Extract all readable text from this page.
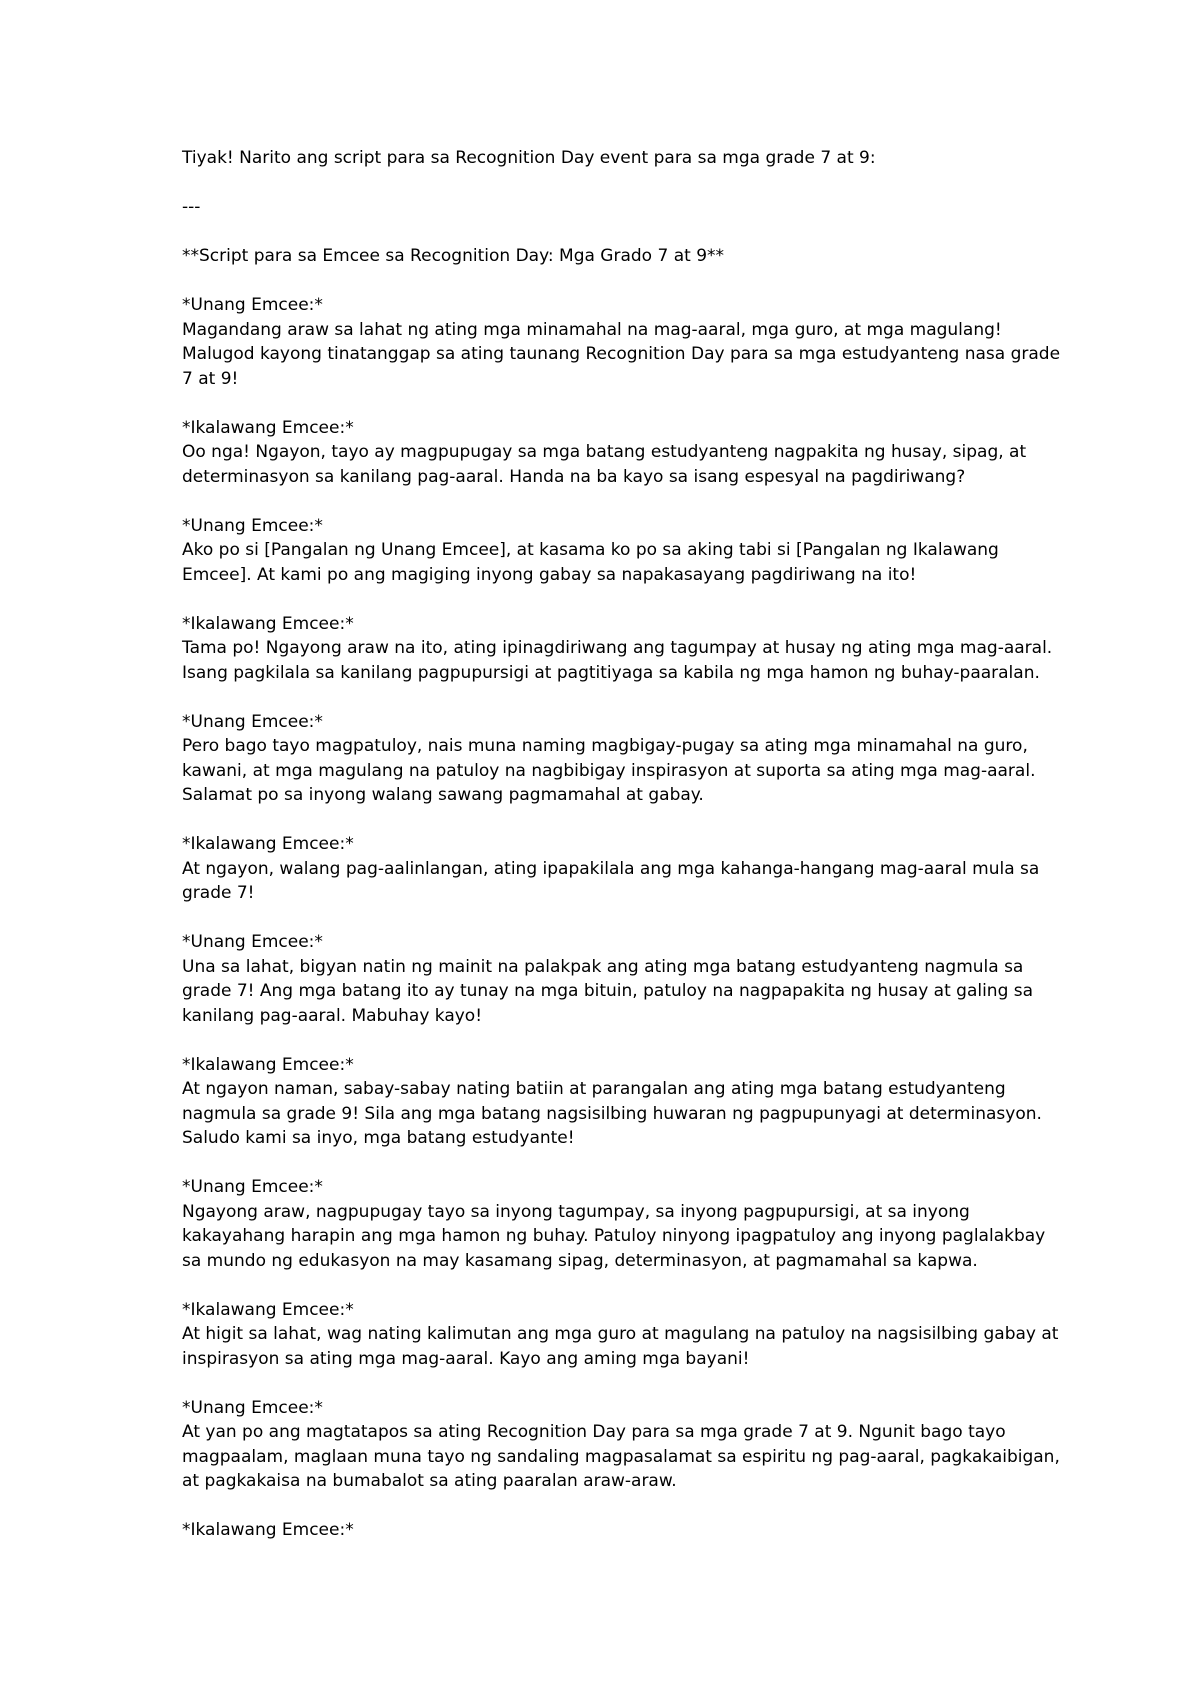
Tiyak! Narito ang script para sa Recognition Day event para sa mga grade 7 at 9:
---
**Script para sa Emcee sa Recognition Day: Mga Grado 7 at 9**
*Unang Emcee:*
Magandang araw sa lahat ng ating mga minamahal na mag-aaral, mga guro, at mga magulang!
Malugod kayong tinatanggap sa ating taunang Recognition Day para sa mga estudyanteng nasa grade
7 at 9!
*Ikalawang Emcee:*
Oo nga! Ngayon, tayo ay magpupugay sa mga batang estudyanteng nagpakita ng husay, sipag, at
determinasyon sa kanilang pag-aaral. Handa na ba kayo sa isang espesyal na pagdiriwang?
*Unang Emcee:*
Ako po si [Pangalan ng Unang Emcee], at kasama ko po sa aking tabi si [Pangalan ng Ikalawang
Emcee]. At kami po ang magiging inyong gabay sa napakasayang pagdiriwang na ito!
*Ikalawang Emcee:*
Tama po! Ngayong araw na ito, ating ipinagdiriwang ang tagumpay at husay ng ating mga mag-aaral.
Isang pagkilala sa kanilang pagpupursigi at pagtitiyaga sa kabila ng mga hamon ng buhay-paaralan.
*Unang Emcee:*
Pero bago tayo magpatuloy, nais muna naming magbigay-pugay sa ating mga minamahal na guro,
kawani, at mga magulang na patuloy na nagbibigay inspirasyon at suporta sa ating mga mag-aaral.
Salamat po sa inyong walang sawang pagmamahal at gabay.
*Ikalawang Emcee:*
At ngayon, walang pag-aalinlangan, ating ipapakilala ang mga kahanga-hangang mag-aaral mula sa
grade 7!
*Unang Emcee:*
Una sa lahat, bigyan natin ng mainit na palakpak ang ating mga batang estudyanteng nagmula sa
grade 7! Ang mga batang ito ay tunay na mga bituin, patuloy na nagpapakita ng husay at galing sa
kanilang pag-aaral. Mabuhay kayo!
*Ikalawang Emcee:*
At ngayon naman, sabay-sabay nating batiin at parangalan ang ating mga batang estudyanteng
nagmula sa grade 9! Sila ang mga batang nagsisilbing huwaran ng pagpupunyagi at determinasyon.
Saludo kami sa inyo, mga batang estudyante!
*Unang Emcee:*
Ngayong araw, nagpupugay tayo sa inyong tagumpay, sa inyong pagpupursigi, at sa inyong
kakayahang harapin ang mga hamon ng buhay. Patuloy ninyong ipagpatuloy ang inyong paglalakbay
sa mundo ng edukasyon na may kasamang sipag, determinasyon, at pagmamahal sa kapwa.
*Ikalawang Emcee:*
At higit sa lahat, wag nating kalimutan ang mga guro at magulang na patuloy na nagsisilbing gabay at
inspirasyon sa ating mga mag-aaral. Kayo ang aming mga bayani!
*Unang Emcee:*
At yan po ang magtatapos sa ating Recognition Day para sa mga grade 7 at 9. Ngunit bago tayo
magpaalam, maglaan muna tayo ng sandaling magpasalamat sa espiritu ng pag-aaral, pagkakaibigan,
at pagkakaisa na bumabalot sa ating paaralan araw-araw.
*Ikalawang Emcee:*
